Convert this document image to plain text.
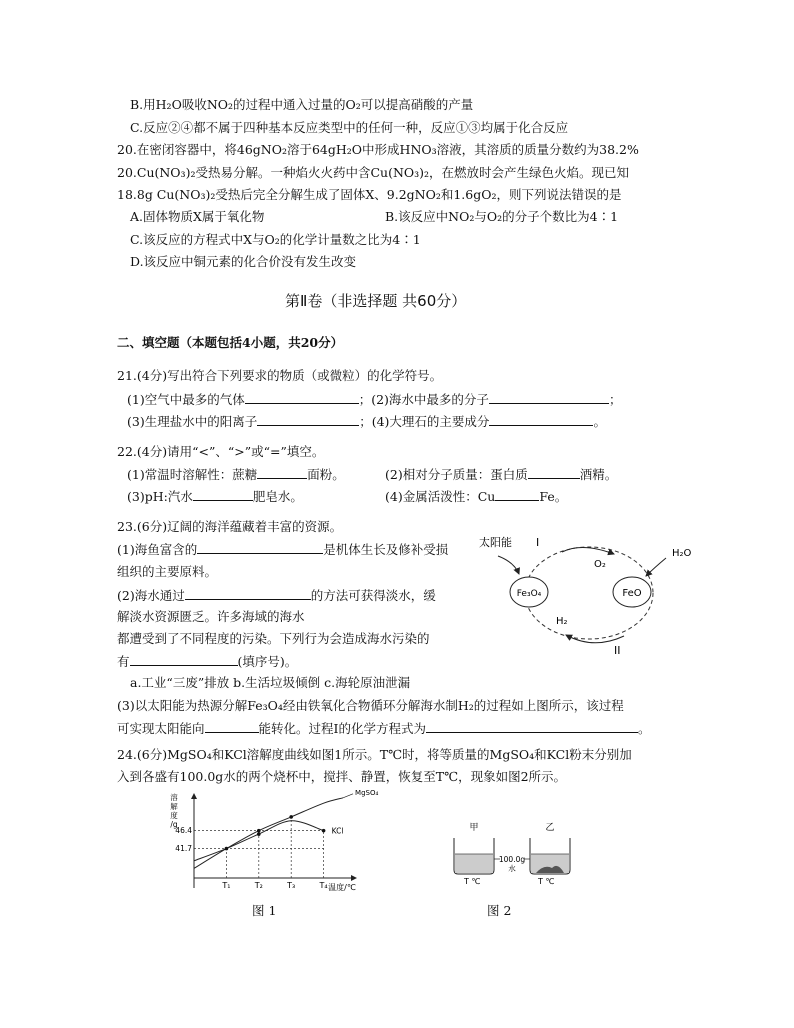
B.用H₂O吸收NO₂的过程中通入过量的O₂可以提高硝酸的产量
C.反应②④都不属于四种基本反应类型中的任何一种，反应①③均属于化合反应
20.在密闭容器中，将46gNO₂溶于64gH₂O中形成HNO₃溶液，其溶质的质量分数约为38.2%
20.Cu(NO₃)₂受热易分解。一种焰火火药中含Cu(NO₃)₂，在燃放时会产生绿色火焰。现已知
18.8g Cu(NO₃)₂受热后完全分解生成了固体X、9.2gNO₂和1.6gO₂，则下列说法错误的是
A.固体物质X属于氧化物	B.该反应中NO₂与O₂的分子个数比为4∶1
C.该反应的方程式中X与O₂的化学计量数之比为4∶1
D.该反应中铜元素的化合价没有发生改变
第Ⅱ卷（非选择题 共60分）
二、填空题（本题包括4小题，共20分）
21.(4分)写出符合下列要求的物质（或微粒）的化学符号。
(1)空气中最多的气体	；(2)海水中最多的分子	；
(3)生理盐水中的阳离子	；(4)大理石的主要成分	。
22.(4分)请用“<”、“>”或“=”填空。
(1)常温时溶解性：蔗糖	面粉。	(2)相对分子质量：蛋白质	酒精。
(3)pH:汽水	肥皂水。	(4)金属活泼性：Cu	Fe。
23.(6分)辽阔的海洋蕴藏着丰富的资源。
(1)海鱼富含的	是机体生长及修补受损
组织的主要原料。
(2)海水通过	的方法可获得淡水，缓
解淡水资源匮乏。许多海域的海水
都遭受到了不同程度的污染。下列行为会造成海水污染的
有	(填序号)。
a.工业“三废”排放 b.生活垃圾倾倒 c.海轮原油泄漏
(3)以太阳能为热源分解Fe₃O₄经由铁氧化合物循环分解海水制H₂的过程如上图所示，该过程
可实现太阳能向	能转化。过程Ⅰ的化学方程式为	。
Fe₃O₄	FeO
太阳能 I
O₂
H₂O
H₂
II
24.(6分)MgSO₄和KCl溶解度曲线如图1所示。T℃时，将等质量的MgSO₄和KCl粉末分别加
入到各盛有100.0g水的两个烧杯中，搅拌、静置，恢复至T℃，现象如图2所示。
溶
解
度
/g
41.7
46.4
T₁	T₂	T₃	T₄
MgSO₄
KCl
温度/℃
图 1
甲	乙
100.0g
水
T ℃	T ℃
图 2
